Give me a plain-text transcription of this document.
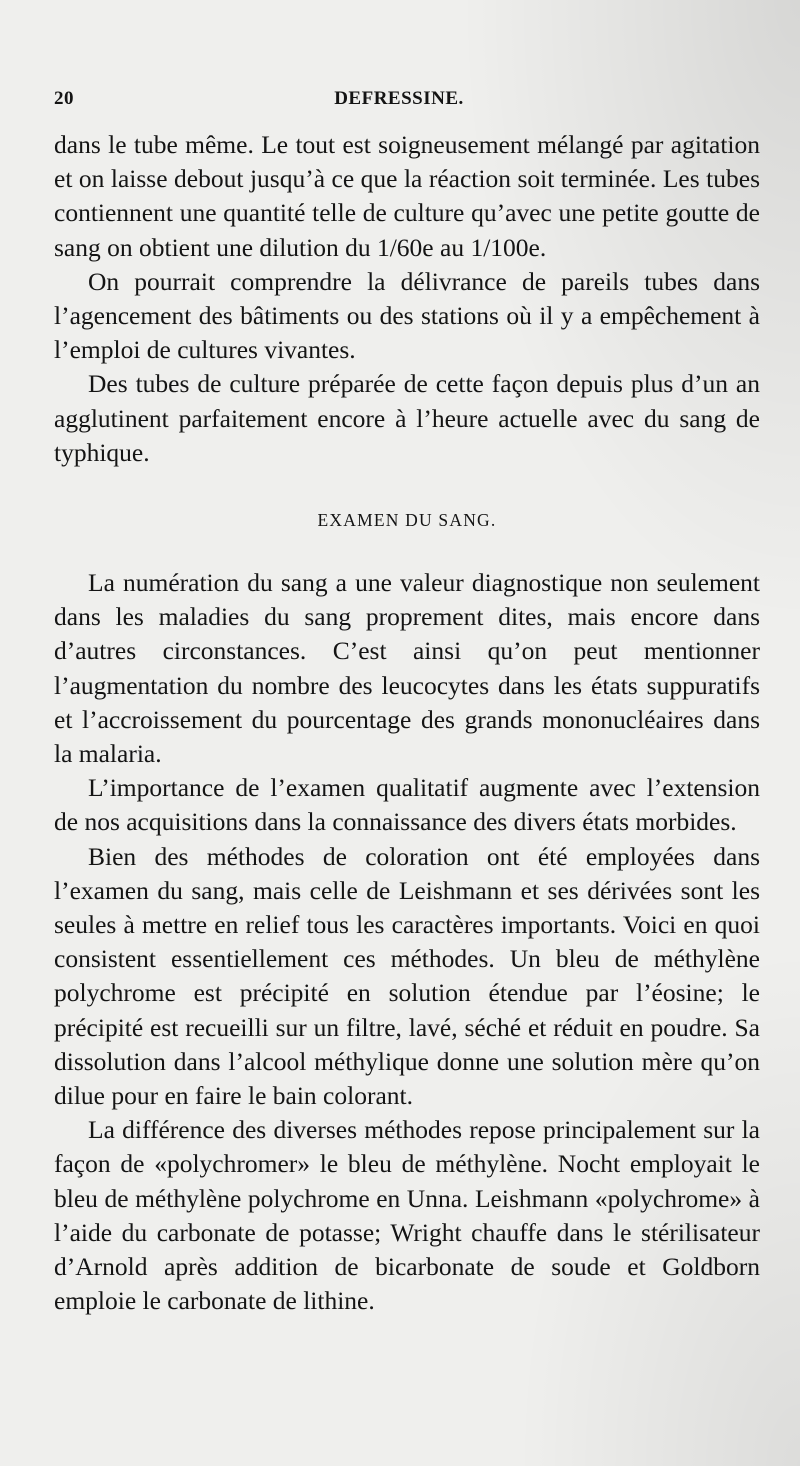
20	DEFRESSINE.

dans le tube même. Le tout est soigneusement mélangé par agitation et on laisse debout jusqu’à ce que la réaction soit terminée. Les tubes contiennent une quantité telle de culture qu’avec une petite goutte de sang on obtient une dilution du 1/60e au 1/100e.

On pourrait comprendre la délivrance de pareils tubes dans l’agencement des bâtiments ou des stations où il y a empêchement à l’emploi de cultures vivantes.

Des tubes de culture préparée de cette façon depuis plus d’un an agglutinent parfaitement encore à l’heure actuelle avec du sang de typhique.

EXAMEN DU SANG.

La numération du sang a une valeur diagnostique non seulement dans les maladies du sang proprement dites, mais encore dans d’autres circonstances. C’est ainsi qu’on peut mentionner l’augmentation du nombre des leucocytes dans les états suppuratifs et l’accroissement du pourcentage des grands mononucléaires dans la malaria.

L’importance de l’examen qualitatif augmente avec l’extension de nos acquisitions dans la connaissance des divers états morbides.

Bien des méthodes de coloration ont été employées dans l’examen du sang, mais celle de Leishmann et ses dérivées sont les seules à mettre en relief tous les caractères importants. Voici en quoi consistent essentiellement ces méthodes. Un bleu de méthylène polychrome est précipité en solution étendue par l’éosine; le précipité est recueilli sur un filtre, lavé, séché et réduit en poudre. Sa dissolution dans l’alcool méthylique donne une solution mère qu’on dilue pour en faire le bain colorant.

La différence des diverses méthodes repose principalement sur la façon de «polychromer» le bleu de méthylène. Nocht employait le bleu de méthylène polychrome en Unna. Leishmann «polychrome» à l’aide du carbonate de potasse; Wright chauffe dans le stérilisateur d’Arnold après addition de bicarbonate de soude et Goldborn emploie le carbonate de lithine.
